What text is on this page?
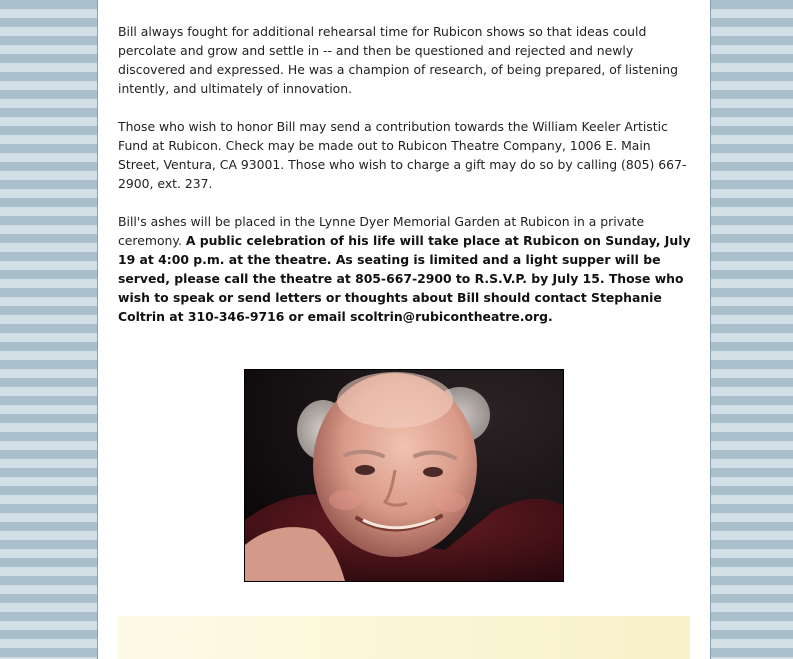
Bill always fought for additional rehearsal time for Rubicon shows so that ideas could percolate and grow and settle in -- and then be questioned and rejected and newly discovered and expressed. He was a champion of research, of being prepared, of listening intently, and ultimately of innovation.

Those who wish to honor Bill may send a contribution towards the William Keeler Artistic Fund at Rubicon. Check may be made out to Rubicon Theatre Company, 1006 E. Main Street, Ventura, CA 93001. Those who wish to charge a gift may do so by calling (805) 667-2900, ext. 237.

Bill's ashes will be placed in the Lynne Dyer Memorial Garden at Rubicon in a private ceremony. A public celebration of his life will take place at Rubicon on Sunday, July 19 at 4:00 p.m. at the theatre. As seating is limited and a light supper will be served, please call the theatre at 805-667-2900 to R.S.V.P. by July 15. Those who wish to speak or send letters or thoughts about Bill should contact Stephanie Coltrin at 310-346-9716 or email scoltrin@rubicontheatre.org.
